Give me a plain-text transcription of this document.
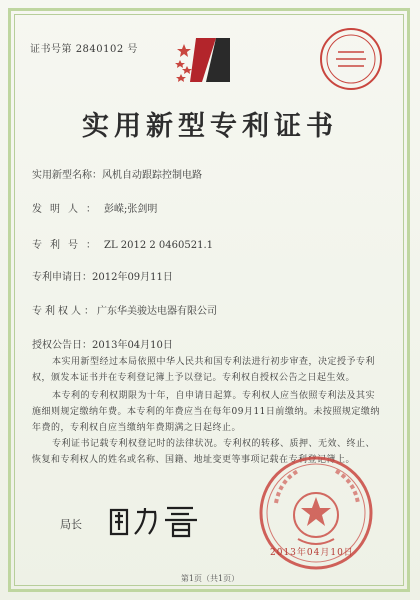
证书号第 2840102 号
实用新型专利证书
实用新型名称：风机自动跟踪控制电路
发明人：彭嵘;张剑明
专利号：ZL 2012 2 0460521.1
专利申请日：2012年09月11日
专利权人：广东华美骏达电器有限公司
授权公告日：2013年04月10日
本实用新型经过本局依照中华人民共和国专利法进行初步审查，决定授予专利权，颁发本证书并在专利登记簿上予以登记。专利权自授权公告之日起生效。
本专利的专利权期限为十年，自申请日起算。专利权人应当依照专利法及其实施细则规定缴纳年费。本专利的年费应当在每年09月11日前缴纳。未按照规定缴纳年费的，专利权自应当缴纳年费期满之日起终止。
专利证书记载专利权登记时的法律状况。专利权的转移、质押、无效、终止、恢复和专利权人的姓名或名称、国籍、地址变更等事项记载在专利登记簿上。
局长
2013年04月10日
第1页（共1页）
